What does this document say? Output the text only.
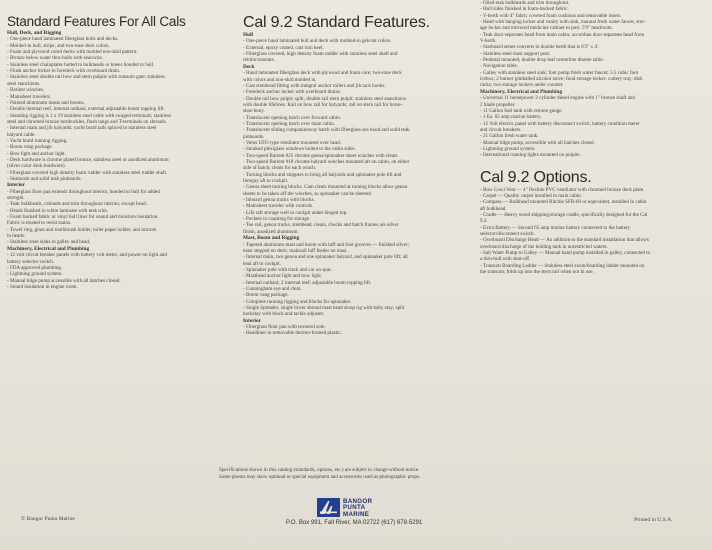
Standard Features For All Cals
Hull, Deck, and Rigging
- One-piece hand laminated fiberglass hulls and decks.
- Molded-in hull, stripe, and two-tone deck colors.
- Foam and plywood cored decks with molded non-skid pattern.
- Bronze below water thru-hulls with seacocks.
- Stainless steel chainplates bolted to bulkheads or knees bonded to hull.
- Flush anchor locker in foredeck with overboard drain.
- Stainless steel double rail bow and stern pulpits with transom gate; stainless
steel stanchions.
- Barient winches.
- Mainsheet travelers.
- Painted aluminum masts and booms.
- Double internal reef, internal outhaul, external adjustable boom topping lift.
- Standing rigging is 1 x 19 stainless steel cable with swaged terminals; stainless
steel and chromed bronze turnbuckles, flush tangs and T-terminals on shrouds.
- Internal main and jib halyards; yacht braid tails spliced to stainless steel
halyard cable.
- Yacht braid running rigging.
- Boom vang package.
- Bow light and anchor light.
- Deck hardware is chrome plated bronze, stainless steel or anodized aluminum
(silver color deck hardware).
- Fiberglass covered high density foam rudder with stainless steel rudder shaft.
- Seahoods and solid teak pinboards.
Interior
- Fiberglass floor pan extends throughout interior, bonded to hull for added
strength.
- Teak bulkheads, cabinets and trim throughout interior, except head.
- Heads finished in white laminate with teak trim.
- Foam backed fabric or vinyl hull liner for sound and moisture insulation.
Fabric is treated to resist stains.
- Towel ring, glass and toothbrush holder, toilet paper holder, and mirrors
in heads.
- Stainless steel sinks in galley and head.
Machinery, Electrical and Plumbing
- 12 volt circuit breaker panels with battery volt meter, and power-on light and
battery selector switch.
- FDA approved plumbing.
- Lightning ground system.
- Manual bilge pump accessible with all hatches closed.
- Sound insulation in engine room.
Cal 9.2 Standard Features.
Hull
- One-piece hand laminated hull and deck with molded-in gelcoat colors.
- External, epoxy coated, cast iron keel.
- Fiberglass covered, high density foam rudder with stainless steel shaft and
reinforcements.
Deck
- Hand laminated fiberglass deck with plywood and foam core; two-tone deck
with colors and non-skid molded in.
- Cast stemhead fitting with integral anchor rollers and jib tack hooks.
- Foredeck anchor locker with overboard drains.
- Double rail bow pulpit; split, double rail stern pulpit; stainless steel stanchions
with double lifelines. Rail on bow rail for halyards; rail on stern rail for horse-
shoe buoy.
- Translucent opening hatch over forward cabin.
- Translucent opening hatch over main cabin.
- Translucent sliding companionway hatch with fiberglass sea hood and solid teak
pinboards.
- Vetus UFO type ventilator mounted over head.
- Smoked plexiglass windows bolted to the cabin sides.
- Two-speed Barient #25 chrome genoa/spinnaker sheet winches with cleats.
- Two-speed Barient #18 chrome halyard winches mounted aft on cabin, on either
side of hatch; cleats for each winch.
- Turning blocks and stoppers to bring all halyards and spinnaker pole lift and
foreguy aft to cockpit.
- Genoa sheet turning blocks. Cam cleats mounted at turning blocks allow genoa
sheets to be taken off the winches, so spinnaker can be sheeted.
- Inboard genoa tracks with blocks.
- Mainsheet traveler with controls.
- Life raft storage well in cockpit under hinged top.
- Pockets in coaming for storage.
- Toe rail, genoa tracks, stemhead, cleats, chocks and hatch frames are silver
finish, anodized aluminum.
Mast, Boom and Rigging
- Tapered aluminum mast and boom with luff and foot grooves — finished silver;
mast stepped on deck; mainsail luff feeder on mast.
- Internal main, two genoa and one spinnaker halyard, and spinnaker pole lift; all
lead aft to cockpit.
- Spinnaker pole with track and car on spar.
- Masthead anchor light and bow light.
- Internal outhaul; 2 internal reef; adjustable boom topping lift.
- Cunningham eye and cleat.
- Boom vang package.
- Complete running rigging and blocks for spinnaker.
- Single Spreader, single lower shroud mast head sloop rig with baby stay; split
backstay with block and tackle adjuster.
Interior
- Fiberglass floor pan with textured sole.
- Headliner in removable thermo-formed plastic.
- Oiled teak bulkheads and trim throughout.
- Hull sides finished in foam-backed fabric.
- V-berth with 4" fabric covered foam cushions and removable insert.
- Head with hanging locker and vanity with sink, manual fresh water faucet, stor-
age locker and mirrored medicine cabinet to port. 5'9" headroom.
- Teak door separates head from main cabin; accordian door separates head from
V-berth.
- Starboard settee converts to double berth that is 6'3" x 4'.
- Stainless steel mast support post.
- Pedestal mounted, double drop leaf centerline dinette table.
- Navigation table.
- Galley with stainless steel sink; foot pump fresh water faucet; 3.5 cubic foot
icebox; 2 burner gimballed alcohol stove; food storage locker; cutlery tray; dish
racks; two storage lockers under counter.
Machinery, Electrical and Plumbing
- Universal 11 horsepower 2 cylinder diesel engine with 1" bronze shaft and
2 blade propeller.
- 11 Gallon fuel tank with remote gauge.
- 1 Ea. 65 amp marine battery.
- 12 Volt electric panel with battery disconnect switch, battery condition meter
and circuit breakers.
- 21 Gallon fresh water tank.
- Manual bilge pump, accessible with all hatches closed.
- Lightning ground system.
- International running lights mounted on pulpits.
Cal 9.2 Options.
- Bow Cowl Vent — 4" flexible PVC ventilator with chromed bronze deck plate.
- Carpet — Quality carpet installed in main cabin.
- Compass — Bulkhead mounted Ritchie SFB-60 or equivalent, installed in cabin
aft bulkhead.
- Cradle — Heavy wood shipping/storage cradle, specifically designed for the Cal
9.2.
- Extra Battery — Second 65 amp marine battery connected to the battery
selector/disconnect switch.
- Overboard Discharge Head — An addition to the standard installation that allows
overboard discharge of the holding tank in unrestricted waters.
- Salt Water Pump to Galley — Manual hand pump installed in galley, connected to
a thru-hull with shut-off.
- Transom Boarding Ladder — Stainless steel swim/boarding ladder mounted on
the transom; folds up into the stern rail when not in use.
Specifications shown in this catalog (standards, options, etc.) are subject to change without notice.
Some photos may show optional or special equipment and accessories used as photographic props.
BANGOR
PUNTA
MARINE
P.O. Box 991, Fall River, MA 02722 (617) 678-5291
© Bangor Punta Marine	Printed in U.S.A.
